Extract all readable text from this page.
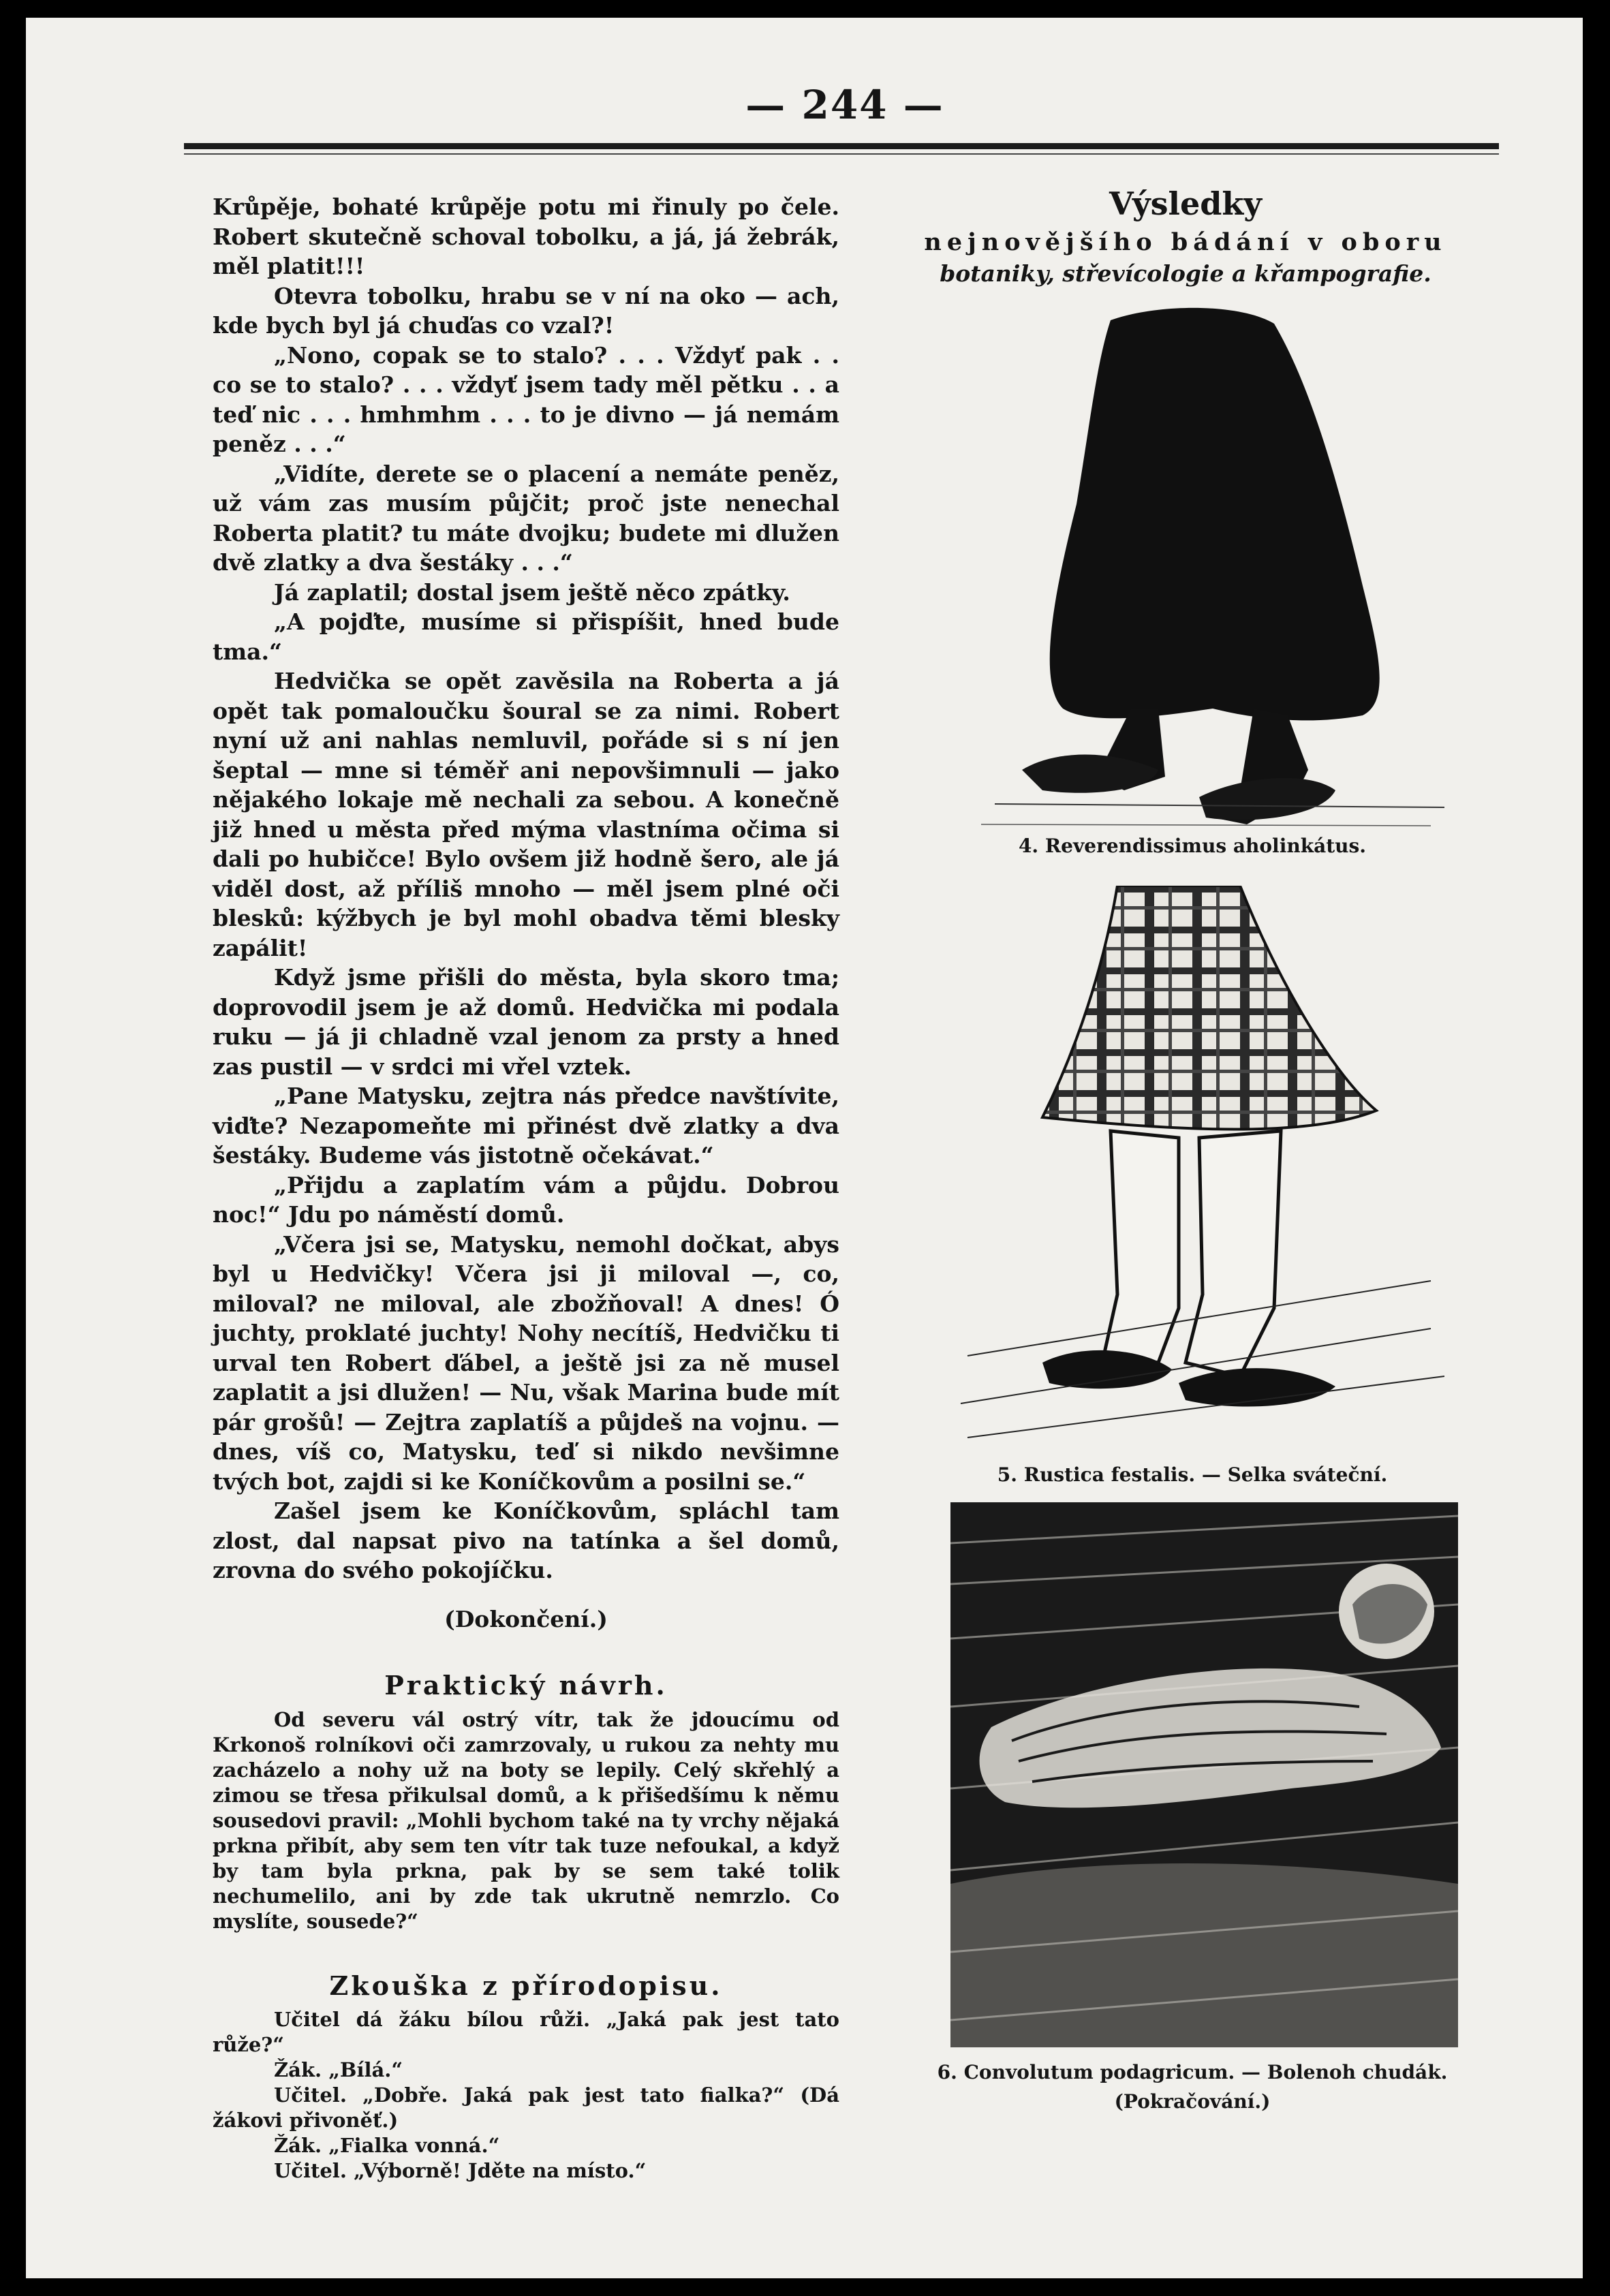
— 244 —

Krůpěje, bohaté krůpěje potu mi řinuly po čele. Robert skutečně schoval tobolku, a já, já žebrák, měl platit!!!

Otevra tobolku, hrabu se v ní na oko — ach, kde bych byl já chuďas co vzal?!

„Nono, copak se to stalo? . . . Vždyť pak . . co se to stalo? . . . vždyť jsem tady měl pětku . . a teď nic . . . hmhmhm . . . to je divno — já nemám peněz . . .“

„Vidíte, derete se o placení a nemáte peněz, už vám zas musím půjčit; proč jste nenechal Roberta platit? tu máte dvojku; budete mi dlužen dvě zlatky a dva šestáky . . .“

Já zaplatil; dostal jsem ještě něco zpátky.

„A pojďte, musíme si přispíšit, hned bude tma.“

Hedvička se opět zavěsila na Roberta a já opět tak pomaloučku šoural se za nimi. Robert nyní už ani nahlas nemluvil, pořáde si s ní jen šeptal — mne si téměř ani nepovšimnuli — jako nějakého lokaje mě nechali za sebou. A konečně již hned u města před mýma vlastníma očima si dali po hubičce! Bylo ovšem již hodně šero, ale já viděl dost, až příliš mnoho — měl jsem plné oči blesků: kýžbych je byl mohl obadva těmi blesky zapálit!

Když jsme přišli do města, byla skoro tma; doprovodil jsem je až domů. Hedvička mi podala ruku — já ji chladně vzal jenom za prsty a hned zas pustil — v srdci mi vřel vztek.

„Pane Matysku, zejtra nás předce navštívite, viďte? Nezapomeňte mi přinést dvě zlatky a dva šestáky. Budeme vás jistotně očekávat.“

„Přijdu a zaplatím vám a půjdu. Dobrou noc!“ Jdu po náměstí domů.

„Včera jsi se, Matysku, nemohl dočkat, abys byl u Hedvičky! Včera jsi ji miloval —, co, miloval? ne miloval, ale zbožňoval! A dnes! Ó juchty, proklaté juchty! Nohy necítíš, Hedvičku ti urval ten Robert ďábel, a ještě jsi za ně musel zaplatit a jsi dlužen! — Nu, však Marina bude mít pár grošů! — Zejtra zaplatíš a půjdeš na vojnu. — dnes, víš co, Matysku, teď si nikdo nevšimne tvých bot, zajdi si ke Koníčkovům a posilni se.“

Zašel jsem ke Koníčkovům, spláchl tam zlost, dal napsat pivo na tatínka a šel domů, zrovna do svého pokojíčku.

(Dokončení.)

Praktický návrh.

Od severu vál ostrý vítr, tak že jdoucímu od Krkonoš rolníkovi oči zamrzovaly, u rukou za nehty mu zacházelo a nohy už na boty se lepily. Celý skřehlý a zimou se třesa přikulsal domů, a k přišedšímu k němu sousedovi pravil: „Mohli bychom také na ty vrchy nějaká prkna přibít, aby sem ten vítr tak tuze nefoukal, a když by tam byla prkna, pak by se sem také tolik nechumelilo, ani by zde tak ukrutně nemrzlo. Co myslíte, sousede?“

Zkouška z přírodopisu.

Učitel dá žáku bílou růži. „Jaká pak jest tato růže?“

Žák. „Bílá.“

Učitel. „Dobře. Jaká pak jest tato fialka?“ (Dá žákovi přivoněť.)

Žák. „Fialka vonná.“

Učitel. „Výborně! Jděte na místo.“

Výsledky
nejnovějšího bádání v oboru
botaniky, střevícologie a křampografie.
4. Reverendissimus aholinkátus.
5. Rustica festalis. — Selka sváteční.
6. Convolutum podagricum. — Bolenoh chudák.
(Pokračování.)
